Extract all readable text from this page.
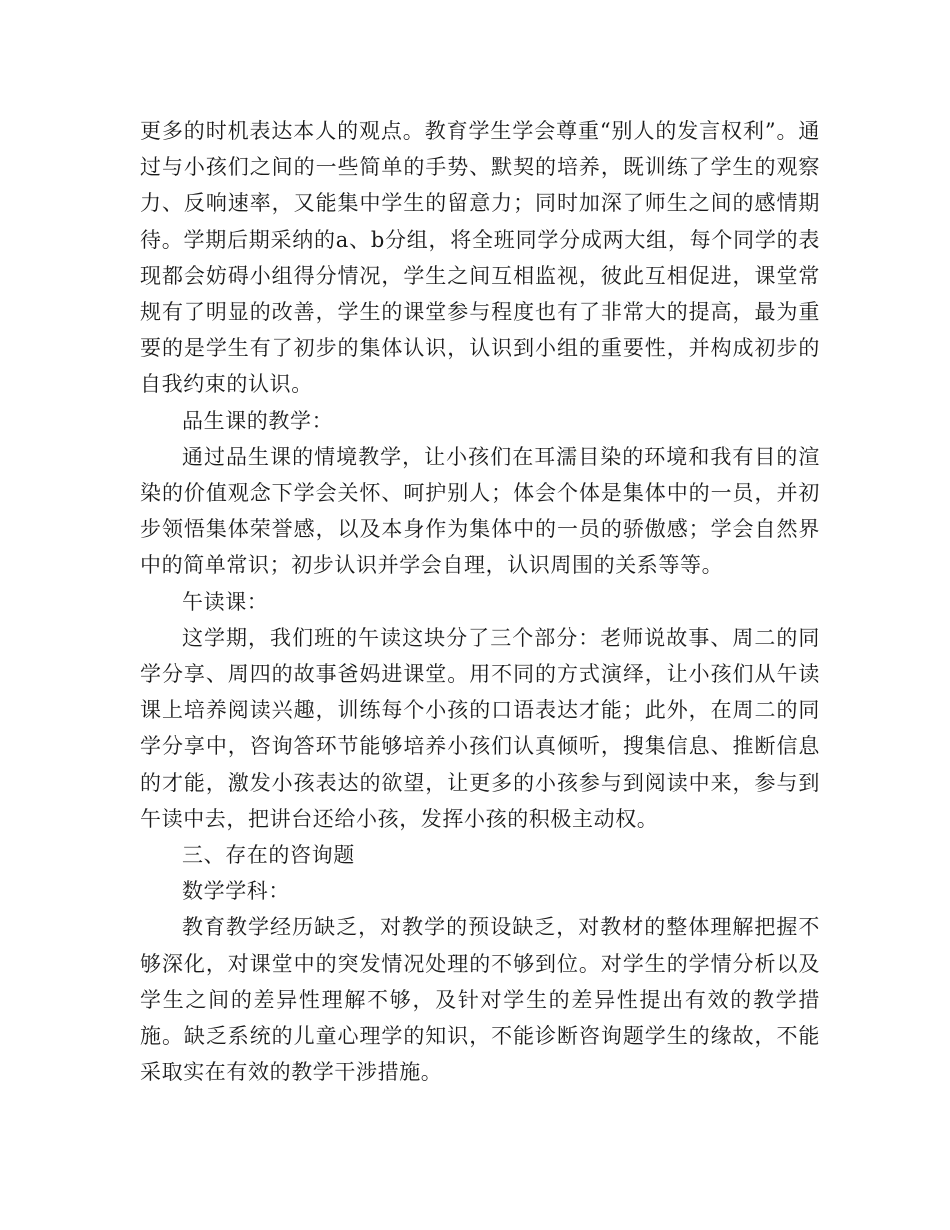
更多的时机表达本人的观点。教育学生学会尊重“别人的发言权利”。通过与小孩们之间的一些简单的手势、默契的培养，既训练了学生的观察力、反响速率，又能集中学生的留意力；同时加深了师生之间的感情期待。学期后期采纳的a、b分组，将全班同学分成两大组，每个同学的表现都会妨碍小组得分情况，学生之间互相监视，彼此互相促进，课堂常规有了明显的改善，学生的课堂参与程度也有了非常大的提高，最为重要的是学生有了初步的集体认识，认识到小组的重要性，并构成初步的自我约束的认识。

品生课的教学：

通过品生课的情境教学，让小孩们在耳濡目染的环境和我有目的渲染的价值观念下学会关怀、呵护别人；体会个体是集体中的一员，并初步领悟集体荣誉感，以及本身作为集体中的一员的骄傲感；学会自然界中的简单常识；初步认识并学会自理，认识周围的关系等等。

午读课：

这学期，我们班的午读这块分了三个部分：老师说故事、周二的同学分享、周四的故事爸妈进课堂。用不同的方式演绎，让小孩们从午读课上培养阅读兴趣，训练每个小孩的口语表达才能；此外，在周二的同学分享中，咨询答环节能够培养小孩们认真倾听，搜集信息、推断信息的才能，激发小孩表达的欲望，让更多的小孩参与到阅读中来，参与到午读中去，把讲台还给小孩，发挥小孩的积极主动权。

三、存在的咨询题

数学学科：

教育教学经历缺乏，对教学的预设缺乏，对教材的整体理解把握不够深化，对课堂中的突发情况处理的不够到位。对学生的学情分析以及学生之间的差异性理解不够，及针对学生的差异性提出有效的教学措施。缺乏系统的儿童心理学的知识，不能诊断咨询题学生的缘故，不能采取实在有效的教学干涉措施。
